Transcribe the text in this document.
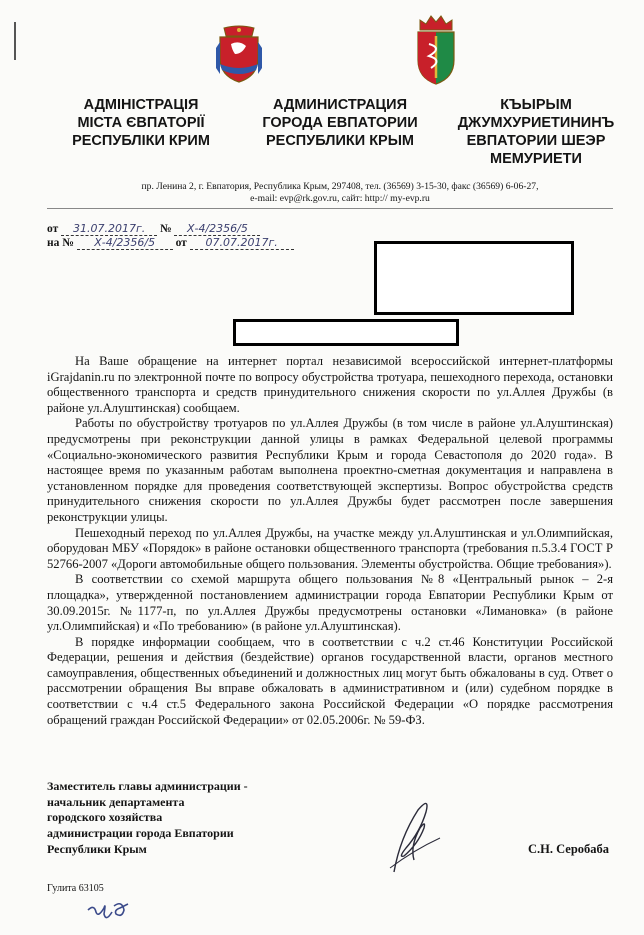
АДМІНІСТРАЦІЯ
МІСТА ЄВПАТОРІЇ
РЕСПУБЛІКИ КРИМ
АДМИНИСТРАЦИЯ
ГОРОДА ЕВПАТОРИИ
РЕСПУБЛИКИ КРЫМ
КЪЫРЫМ
ДЖУМХУРИЕТИНИНЪ
ЕВПАТОРИИ ШЕЭР
МЕМУРИЕТИ
пр. Ленина 2, г. Евпатория, Республика Крым, 297408, тел. (36569) 3-15-30, факс (36569) 6-06-27,
e-mail: evp@rk.gov.ru, сайт: http:// my-evp.ru
от 31.07.2017г. № Х-4/2356/5
на № Х-4/2356/5 от 07.07.2017г.

На Ваше обращение на интернет портал независимой всероссийской интернет-платформы iGrajdanin.ru по электронной почте по вопросу обустройства тротуара, пешеходного перехода, остановки общественного транспорта и средств принудительного снижения скорости по ул.Аллея Дружбы (в районе ул.Алуштинская) сообщаем.

Работы по обустройству тротуаров по ул.Аллея Дружбы (в том числе в районе ул.Алуштинская) предусмотрены при реконструкции данной улицы в рамках Федеральной целевой программы «Социально-экономического развития Республики Крым и города Севастополя до 2020 года». В настоящее время по указанным работам выполнена проектно-сметная документация и направлена в установленном порядке для проведения соответствующей экспертизы. Вопрос обустройства средств принудительного снижения скорости по ул.Аллея Дружбы будет рассмотрен после завершения реконструкции улицы.

Пешеходный переход по ул.Аллея Дружбы, на участке между ул.Алуштинская и ул.Олимпийская, оборудован МБУ «Порядок» в районе остановки общественного транспорта (требования п.5.3.4 ГОСТ Р 52766-2007 «Дороги автомобильные общего пользования. Элементы обустройства. Общие требования»).

В соответствии со схемой маршрута общего пользования №8 «Центральный рынок – 2-я площадка», утвержденной постановлением администрации города Евпатории Республики Крым от 30.09.2015г. №1177-п, по ул.Аллея Дружбы предусмотрены остановки «Лимановка» (в районе ул.Олимпийская) и «По требованию» (в районе ул.Алуштинская).

В порядке информации сообщаем, что в соответствии с ч.2 ст.46 Конституции Российской Федерации, решения и действия (бездействие) органов государственной власти, органов местного самоуправления, общественных объединений и должностных лиц могут быть обжалованы в суд. Ответ о рассмотрении обращения Вы вправе обжаловать в административном и (или) судебном порядке в соответствии с ч.4 ст.5 Федерального закона Российской Федерации «О порядке рассмотрения обращений граждан Российской Федерации» от 02.05.2006г. № 59-ФЗ.

Заместитель главы администрации -
начальник департамента
городского хозяйства
администрации города Евпатории
Республики Крым	С.Н. Серобаба
Гулита 63105
